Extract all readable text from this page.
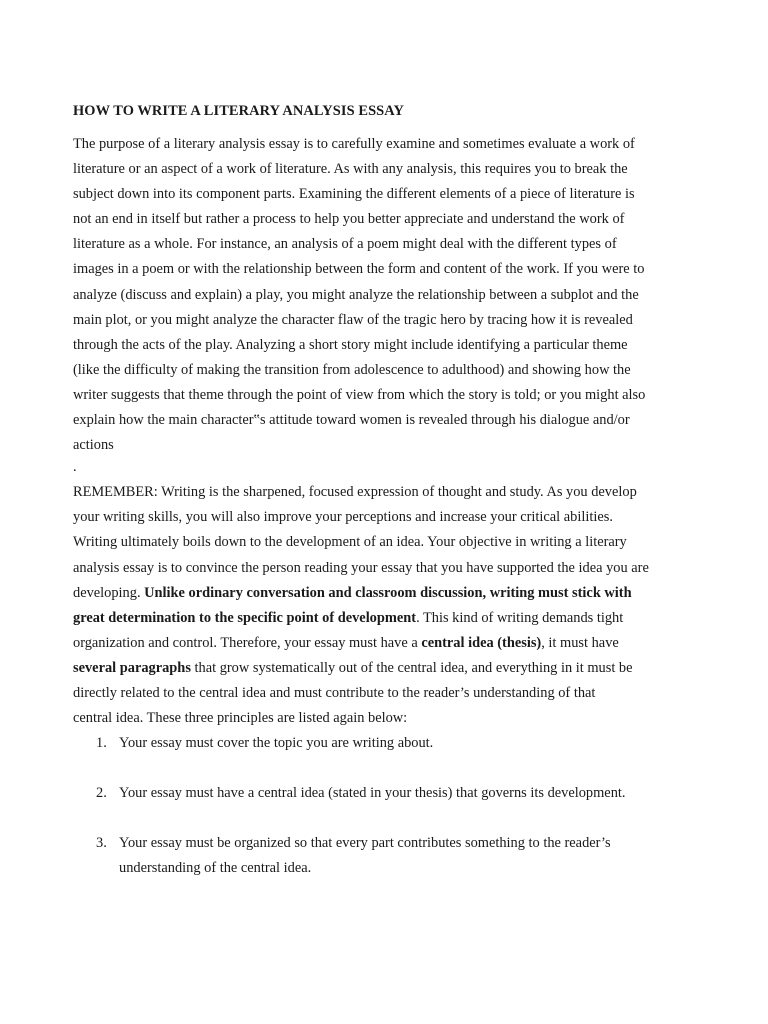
HOW TO WRITE A LITERARY ANALYSIS ESSAY
The purpose of a literary analysis essay is to carefully examine and sometimes evaluate a work of
literature or an aspect of a work of literature. As with any analysis, this requires you to break the
subject down into its component parts. Examining the different elements of a piece of literature is
not an end in itself but rather a process to help you better appreciate and understand the work of
literature as a whole. For instance, an analysis of a poem might deal with the different types of
images in a poem or with the relationship between the form and content of the work. If you were to
analyze (discuss and explain) a play, you might analyze the relationship between a subplot and the
main plot, or you might analyze the character flaw of the tragic hero by tracing how it is revealed
through the acts of the play. Analyzing a short story might include identifying a particular theme
(like the difficulty of making the transition from adolescence to adulthood) and showing how the
writer suggests that theme through the point of view from which the story is told; or you might also
explain how the main character‟s attitude toward women is revealed through his dialogue and/or
actions
.
REMEMBER: Writing is the sharpened, focused expression of thought and study. As you develop
your writing skills, you will also improve your perceptions and increase your critical abilities.
Writing ultimately boils down to the development of an idea. Your objective in writing a literary
analysis essay is to convince the person reading your essay that you have supported the idea you are
developing. Unlike ordinary conversation and classroom discussion, writing must stick with
great determination to the specific point of development. This kind of writing demands tight
organization and control. Therefore, your essay must have a central idea (thesis), it must have
several paragraphs that grow systematically out of the central idea, and everything in it must be
directly related to the central idea and must contribute to the reader’s understanding of that
central idea. These three principles are listed again below:
1. Your essay must cover the topic you are writing about.
2. Your essay must have a central idea (stated in your thesis) that governs its development.
3. Your essay must be organized so that every part contributes something to the reader’s
understanding of the central idea.
